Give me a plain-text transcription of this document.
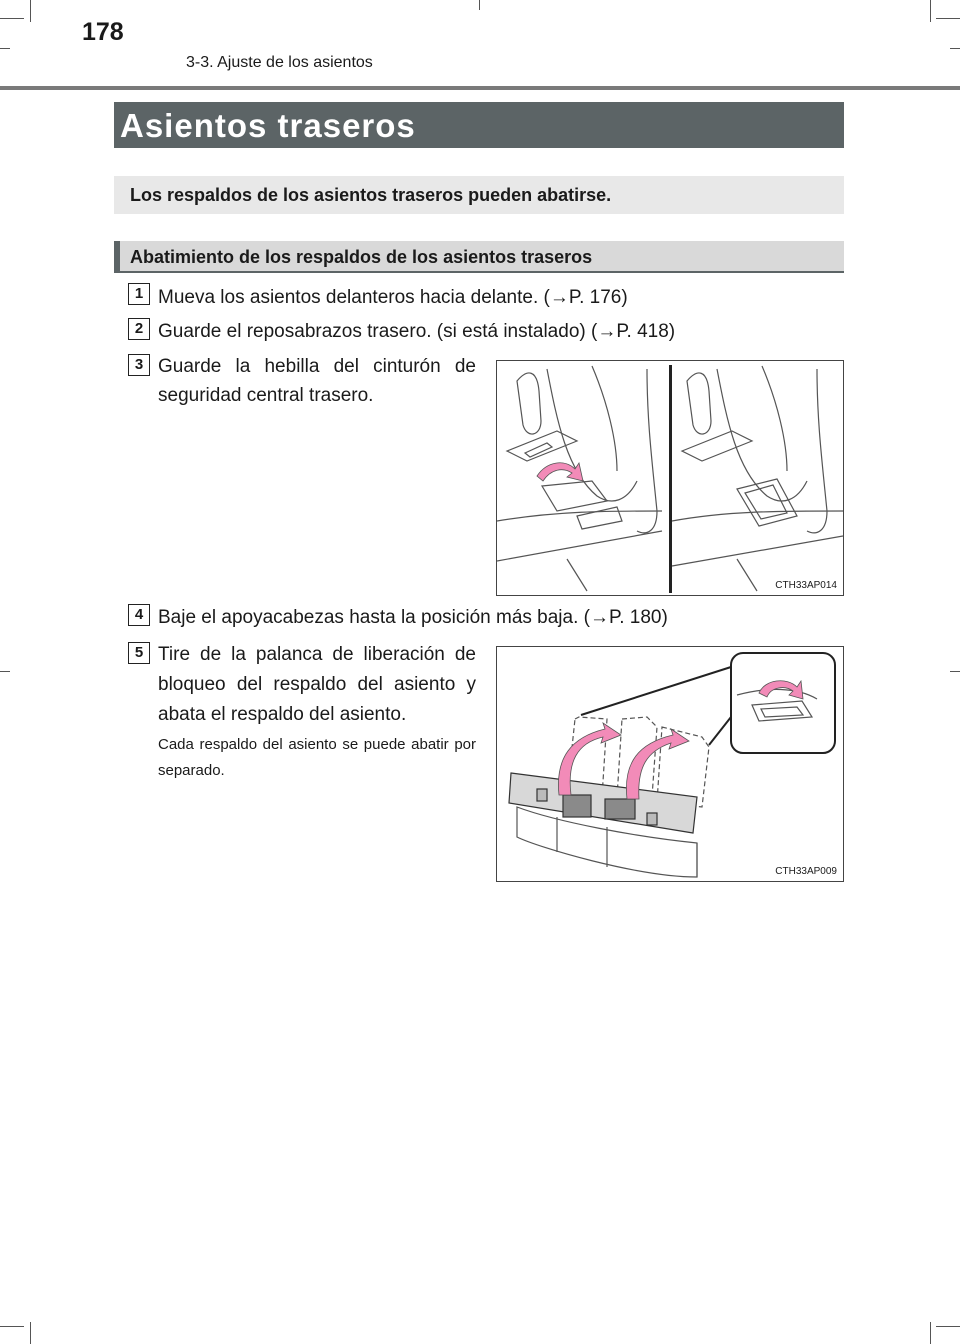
178
3-3. Ajuste de los asientos
Asientos traseros
Los respaldos de los asientos traseros pueden abatirse.
Abatimiento de los respaldos de los asientos traseros
1 Mueva los asientos delanteros hacia delante. (→P. 176)
2 Guarde el reposabrazos trasero. (si está instalado) (→P. 418)
3 Guarde la hebilla del cinturón de seguridad central trasero.
CTH33AP014
4 Baje el apoyacabezas hasta la posición más baja. (→P. 180)
5 Tire de la palanca de liberación de bloqueo del respaldo del asiento y abata el respaldo del asiento.
Cada respaldo del asiento se puede abatir por separado.
CTH33AP009
